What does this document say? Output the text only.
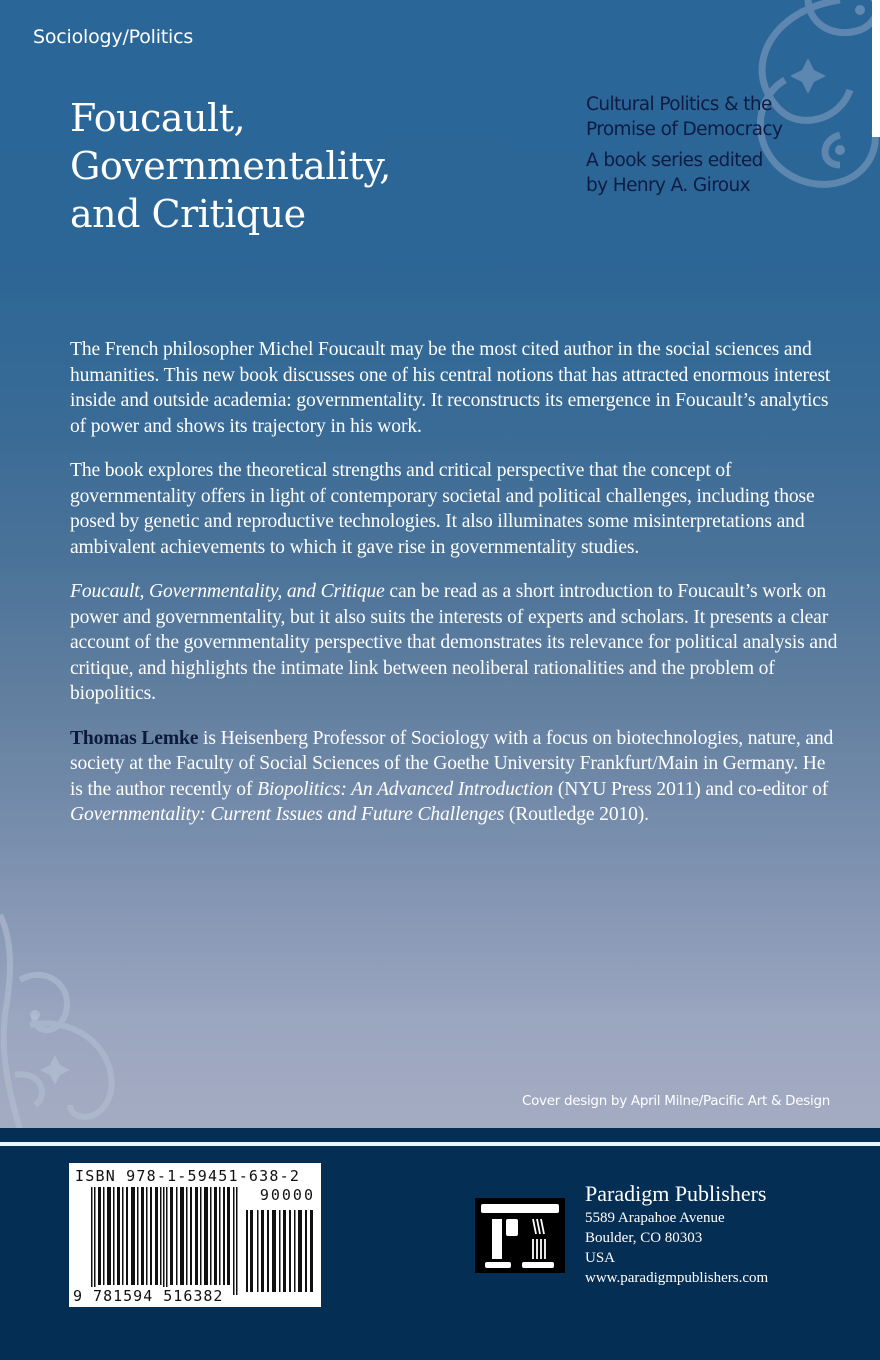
Sociology/Politics
Foucault,
Governmentality,
and Critique
Cultural Politics & the
Promise of Democracy
A book series edited
by Henry A. Giroux

The French philosopher Michel Foucault may be the most cited author in the social sciences and humanities. This new book discusses one of his central notions that has attracted enormous interest inside and outside academia: governmentality. It reconstructs its emergence in Foucault’s analytics of power and shows its trajectory in his work.

The book explores the theoretical strengths and critical perspective that the concept of governmentality offers in light of contemporary societal and political challenges, including those posed by genetic and reproductive technologies. It also illuminates some misinterpretations and ambivalent achievements to which it gave rise in governmentality studies.

Foucault, Governmentality, and Critique can be read as a short introduction to Foucault’s work on power and governmentality, but it also suits the interests of experts and scholars. It presents a clear account of the governmentality perspective that demonstrates its relevance for political analysis and critique, and highlights the intimate link between neoliberal rationalities and the problem of biopolitics.

Thomas Lemke is Heisenberg Professor of Sociology with a focus on biotechnologies, nature, and society at the Faculty of Social Sciences of the Goethe University Frankfurt/Main in Germany. He is the author recently of Biopolitics: An Advanced Introduction (NYU Press 2011) and co-editor of Governmentality: Current Issues and Future Challenges (Routledge 2010).

Cover design by April Milne/Pacific Art & Design
ISBN 978-1-59451-638-2
90000
9 781594 516382
Paradigm Publishers
5589 Arapahoe Avenue
Boulder, CO 80303
USA
www.paradigmpublishers.com
